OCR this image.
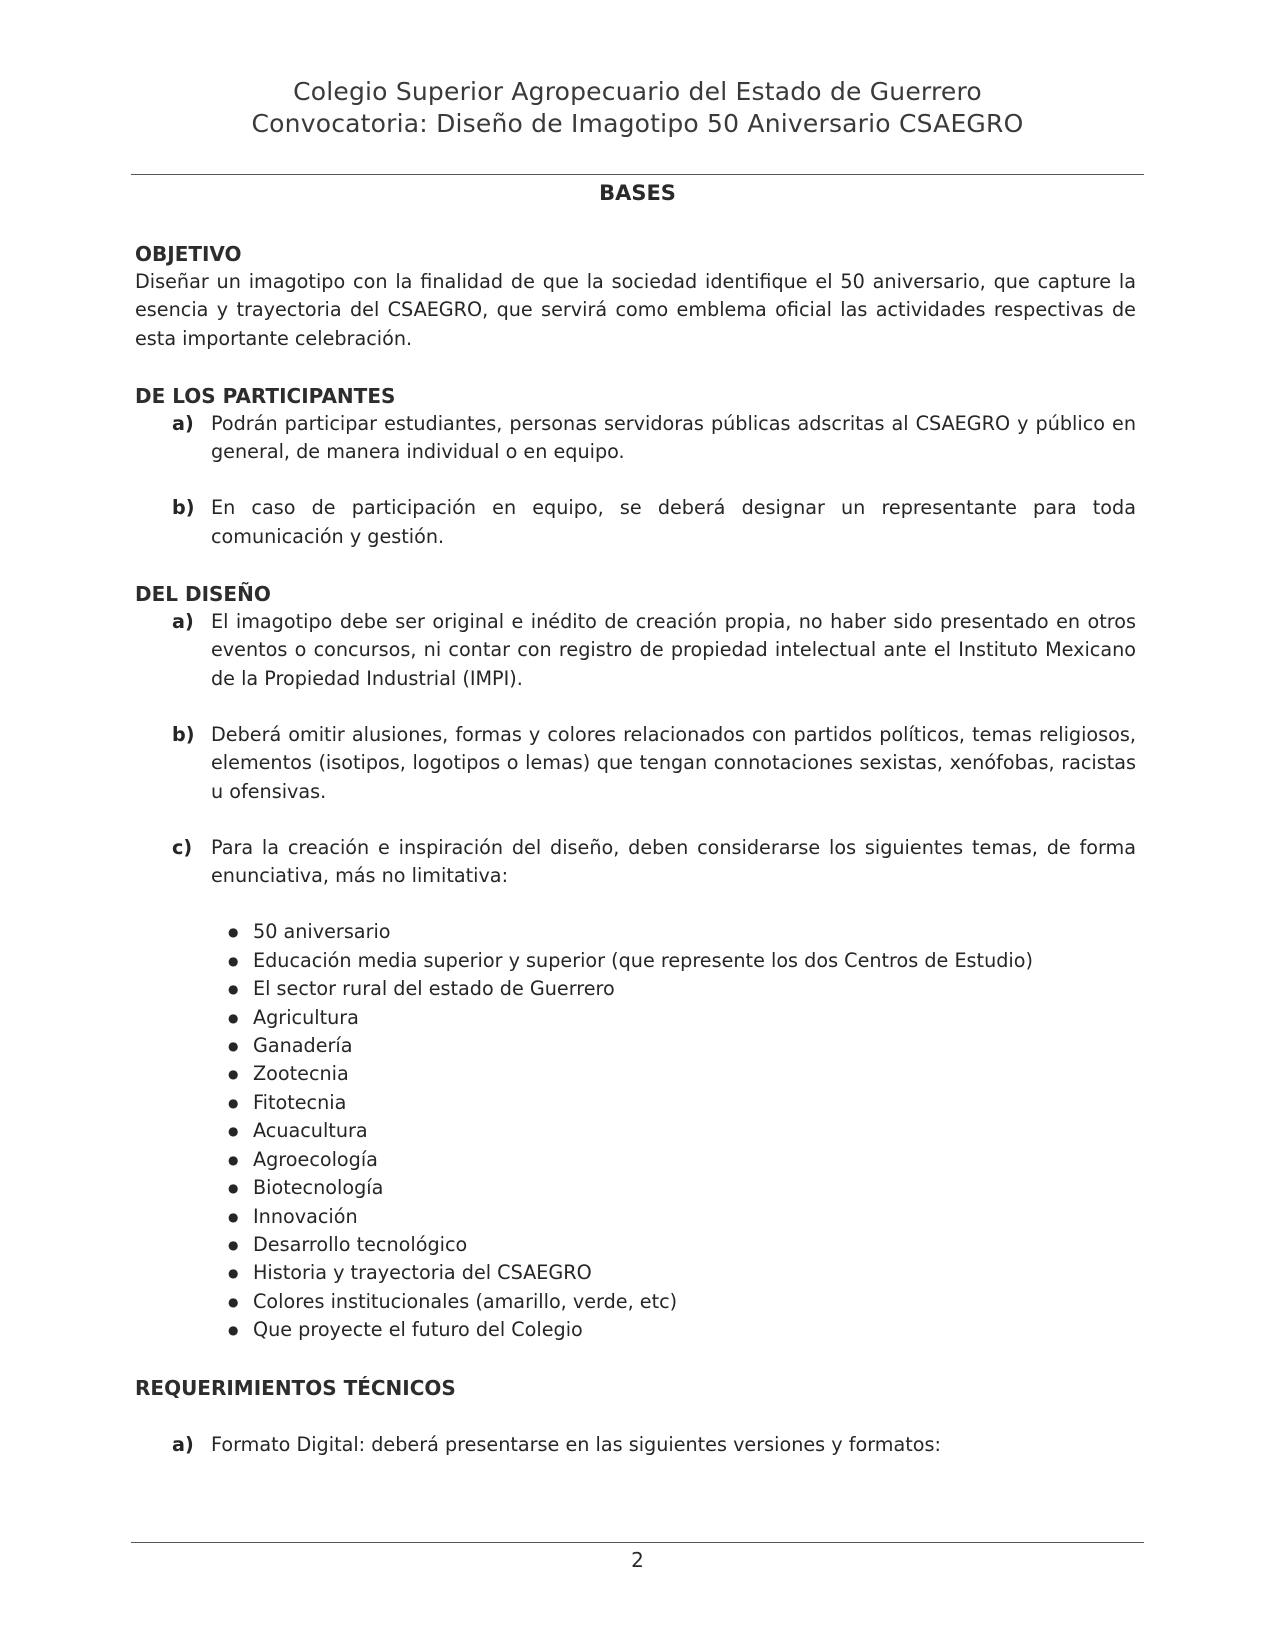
Colegio Superior Agropecuario del Estado de Guerrero
Convocatoria: Diseño de Imagotipo 50 Aniversario CSAEGRO
BASES
OBJETIVO
Diseñar un imagotipo con la finalidad de que la sociedad identifique el 50 aniversario, que capture la esencia y trayectoria del CSAEGRO, que servirá como emblema oficial las actividades respectivas de esta importante celebración.
DE LOS PARTICIPANTES
a) Podrán participar estudiantes, personas servidoras públicas adscritas al CSAEGRO y público en general, de manera individual o en equipo.
b) En caso de participación en equipo, se deberá designar un representante para toda comunicación y gestión.
DEL DISEÑO
a) El imagotipo debe ser original e inédito de creación propia, no haber sido presentado en otros eventos o concursos, ni contar con registro de propiedad intelectual ante el Instituto Mexicano de la Propiedad Industrial (IMPI).
b) Deberá omitir alusiones, formas y colores relacionados con partidos políticos, temas religiosos, elementos (isotipos, logotipos o lemas) que tengan connotaciones sexistas, xenófobas, racistas u ofensivas.
c) Para la creación e inspiración del diseño, deben considerarse los siguientes temas, de forma enunciativa, más no limitativa:
● 50 aniversario
● Educación media superior y superior (que represente los dos Centros de Estudio)
● El sector rural del estado de Guerrero
● Agricultura
● Ganadería
● Zootecnia
● Fitotecnia
● Acuacultura
● Agroecología
● Biotecnología
● Innovación
● Desarrollo tecnológico
● Historia y trayectoria del CSAEGRO
● Colores institucionales (amarillo, verde, etc)
● Que proyecte el futuro del Colegio
REQUERIMIENTOS TÉCNICOS
a) Formato Digital: deberá presentarse en las siguientes versiones y formatos:
2
